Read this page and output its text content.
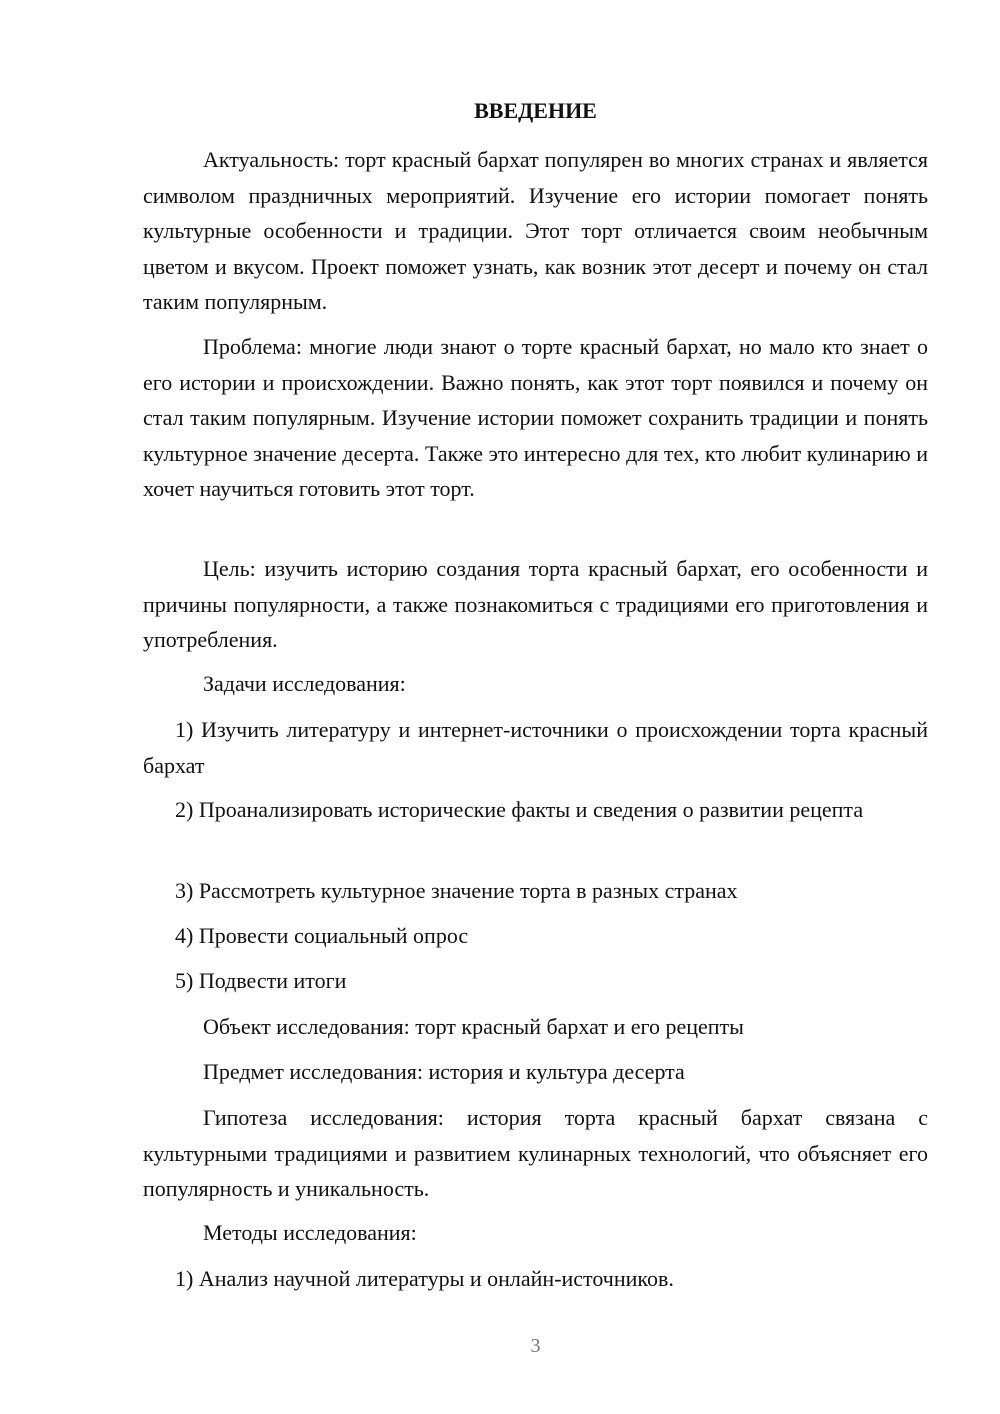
ВВЕДЕНИЕ

Актуальность: торт красный бархат популярен во многих странах и является символом праздничных мероприятий. Изучение его истории помогает понять культурные особенности и традиции. Этот торт отличается своим необычным цветом и вкусом. Проект поможет узнать, как возник этот десерт и почему он стал таким популярным.

Проблема: многие люди знают о торте красный бархат, но мало кто знает о его истории и происхождении. Важно понять, как этот торт появился и почему он стал таким популярным. Изучение истории поможет сохранить традиции и понять культурное значение десерта. Также это интересно для тех, кто любит кулинарию и хочет научиться готовить этот торт.

Цель: изучить историю создания торта красный бархат, его особенности и причины популярности, а также познакомиться с традициями его приготовления и употребления.

Задачи исследования:

1) Изучить литературу и интернет-источники о происхождении торта красный бархат

2) Проанализировать исторические факты и сведения о развитии рецепта

3) Рассмотреть культурное значение торта в разных странах

4) Провести социальный опрос

5) Подвести итоги

Объект исследования: торт красный бархат и его рецепты

Предмет исследования: история и культура десерта

Гипотеза исследования: история торта красный бархат связана с культурными традициями и развитием кулинарных технологий, что объясняет его популярность и уникальность.

Методы исследования:

1) Анализ научной литературы и онлайн-источников.

3
